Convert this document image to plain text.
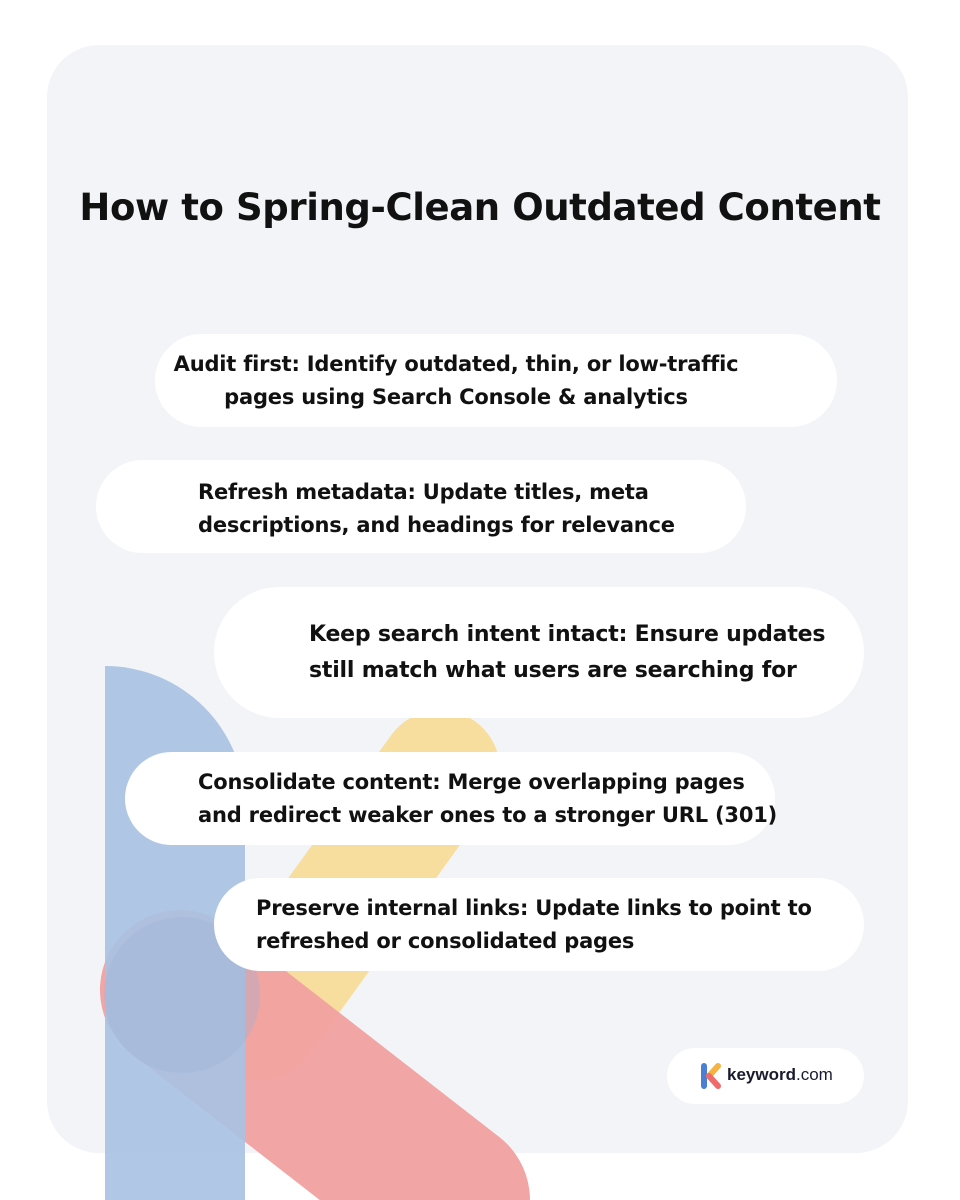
How to Spring-Clean Outdated Content
Audit first: Identify outdated, thin, or low-traffic
pages using Search Console & analytics
Refresh metadata: Update titles, meta
descriptions, and headings for relevance
Keep search intent intact: Ensure updates
still match what users are searching for
Consolidate content: Merge overlapping pages
and redirect weaker ones to a stronger URL (301)
Preserve internal links: Update links to point to
refreshed or consolidated pages
keyword.com
